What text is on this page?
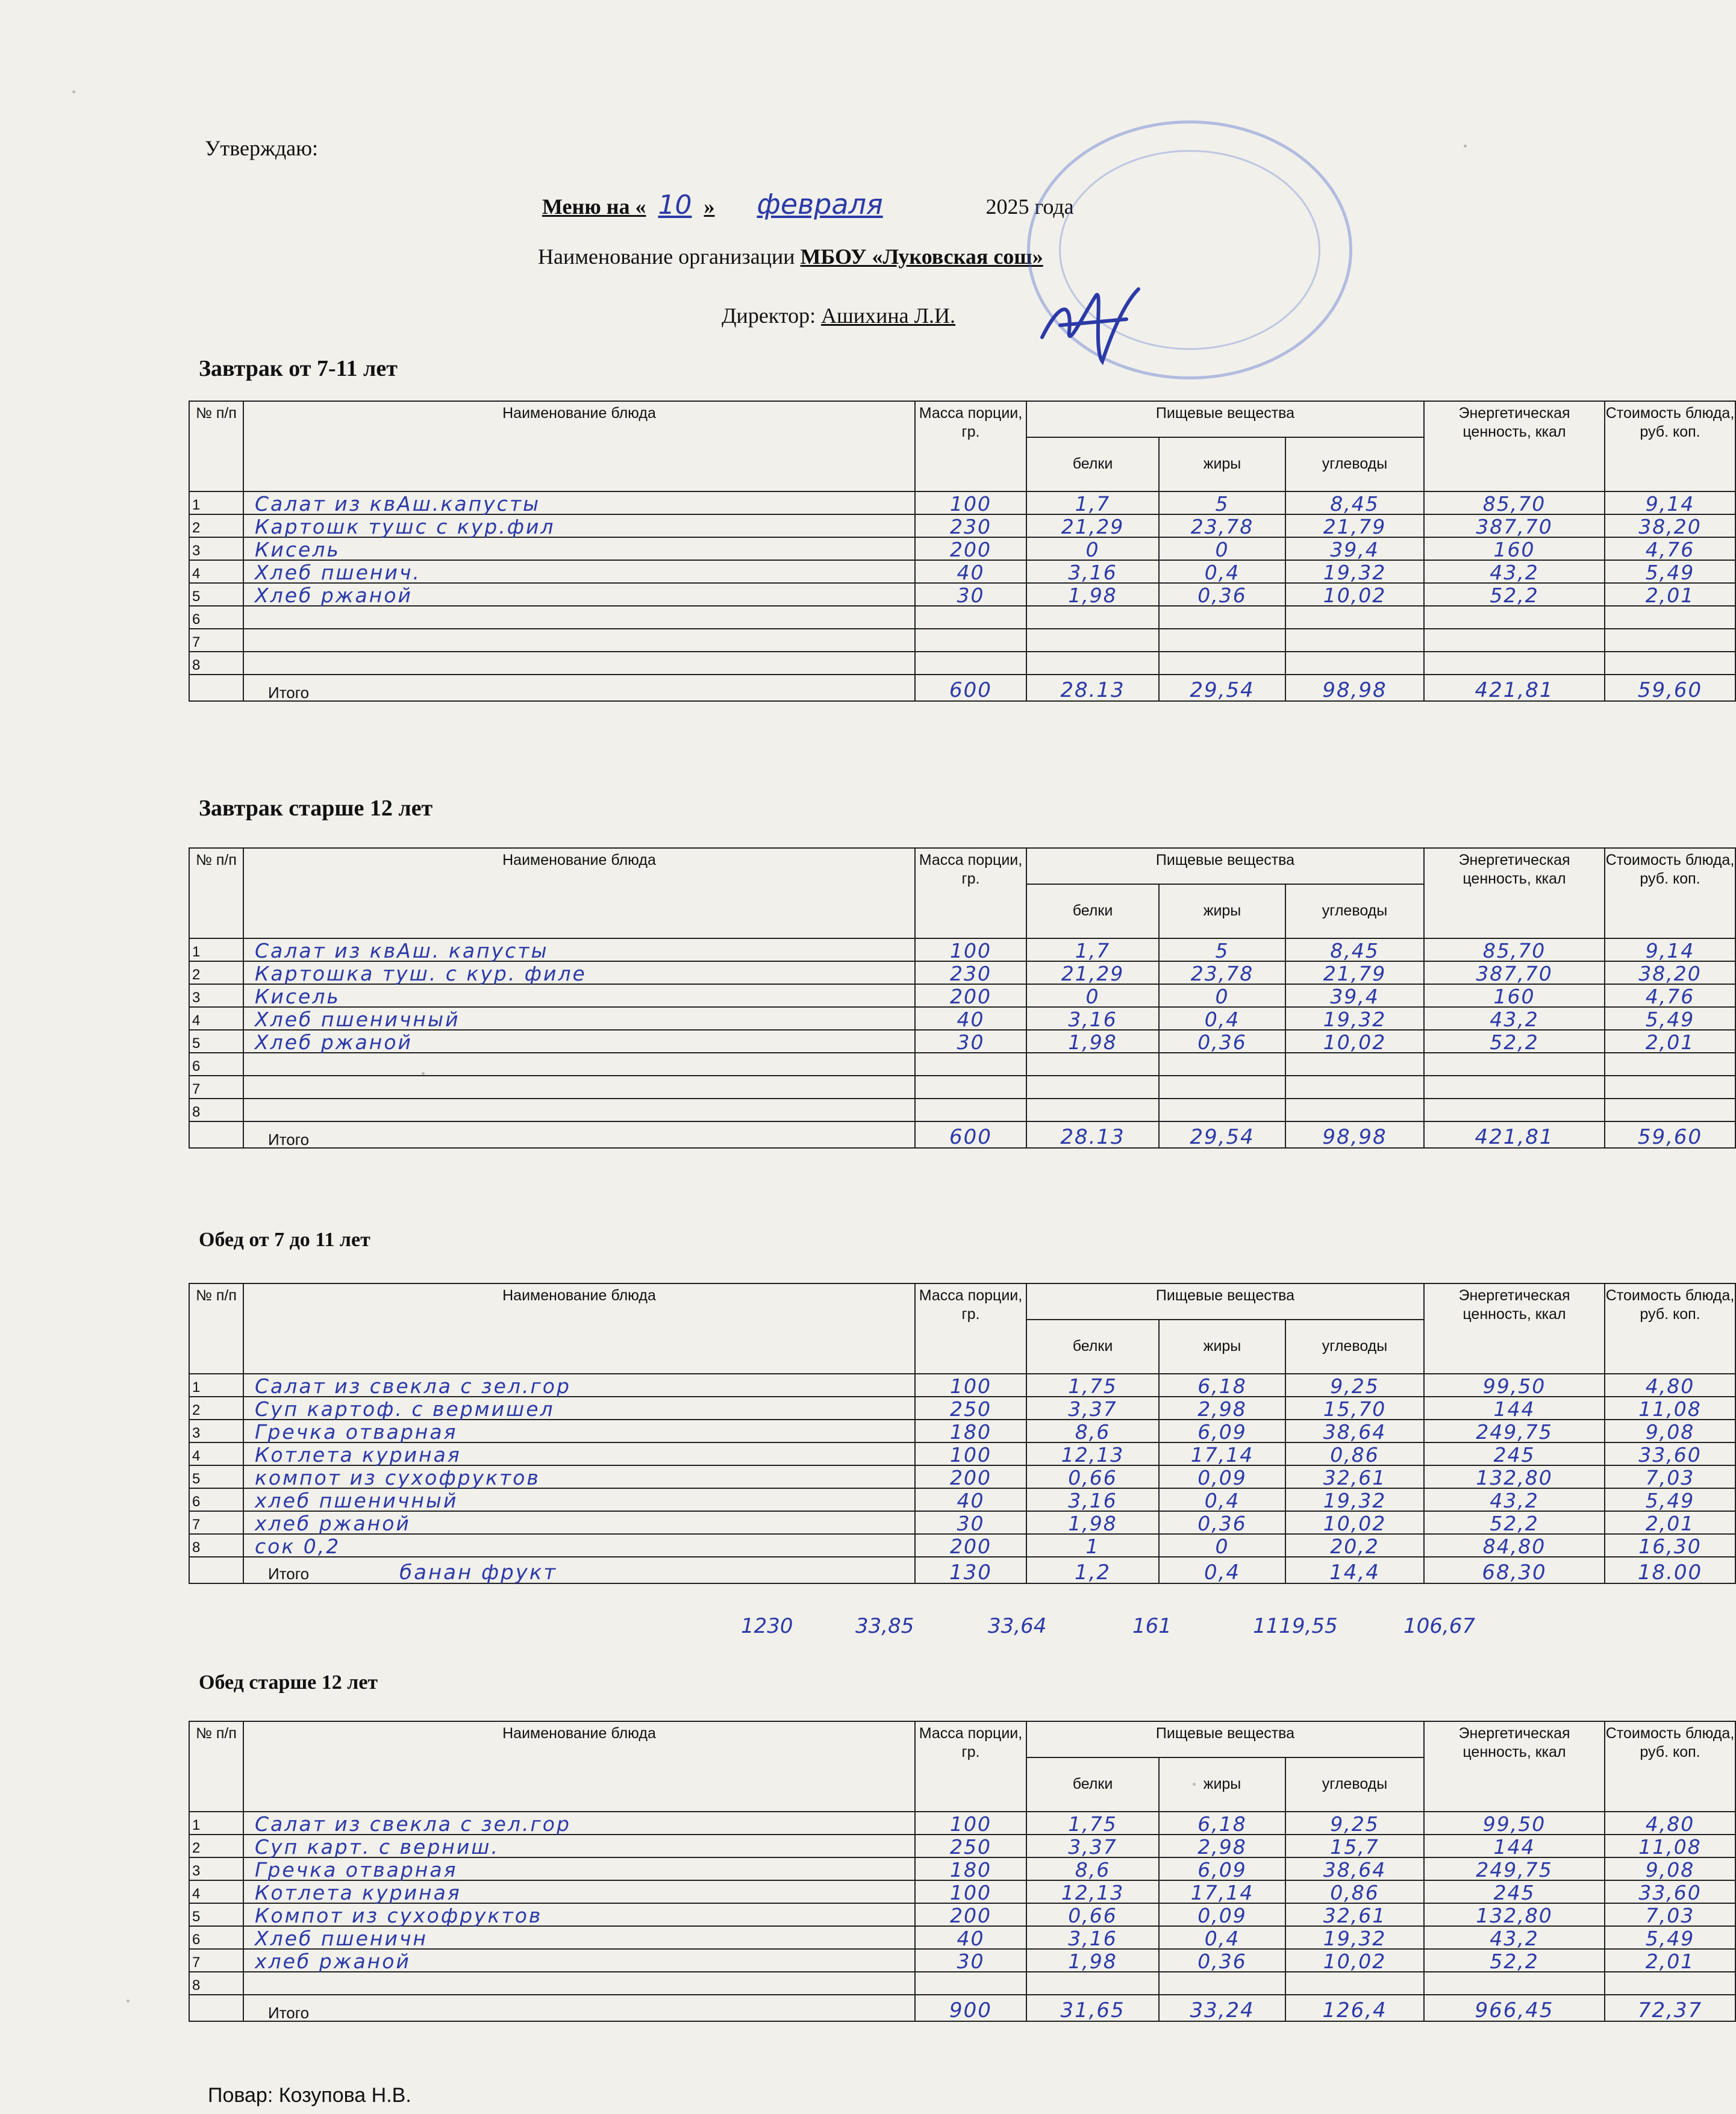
Утверждаю:
Меню на « 10 » февраля	2025 года
Наименование организации МБОУ «Луковская сош»
Директор: Ашихина Л.И.
Завтрак от 7-11 лет
Завтрак старше 12 лет
Обед от 7 до 11 лет
Обед старше 12 лет
№ п/п	Наименование блюда	Масса порции, гр.	Пищевые вещества			Энергетическая ценность, ккал	Стоимость блюда, руб. коп.
			белки	жиры	углеводы		
1	Салат из квАш.капусты	100	1,7	5	8,45	85,70	9,14
2	Картошк тушс с кур.фил	230	21,29	23,78	21,79	387,70	38,20
3	Кисель	200	0	0	39,4	160	4,76
4	Хлеб пшенич.	40	3,16	0,4	19,32	43,2	5,49
5	Хлеб ржаной	30	1,98	0,36	10,02	52,2	2,01
6							
7							
8							
	Итого	600	28.13	29,54	98,98	421,81	59,60
№ п/п	Наименование блюда	Масса порции, гр.	Пищевые вещества			Энергетическая ценность, ккал	Стоимость блюда, руб. коп.
			белки	жиры	углеводы		
1	Салат из квАш. капусты	100	1,7	5	8,45	85,70	9,14
2	Картошка туш. с кур. филе	230	21,29	23,78	21,79	387,70	38,20
3	Кисель	200	0	0	39,4	160	4,76
4	Хлеб пшеничный	40	3,16	0,4	19,32	43,2	5,49
5	Хлеб ржаной	30	1,98	0,36	10,02	52,2	2,01
6							
7							
8							
	Итого	600	28.13	29,54	98,98	421,81	59,60
№ п/п	Наименование блюда	Масса порции, гр.	Пищевые вещества			Энергетическая ценность, ккал	Стоимость блюда, руб. коп.
			белки	жиры	углеводы		
1	Салат из свекла с зел.гор	100	1,75	6,18	9,25	99,50	4,80
2	Суп картоф. с вермишел	250	3,37	2,98	15,70	144	11,08
3	Гречка отварная	180	8,6	6,09	38,64	249,75	9,08
4	Котлета куриная	100	12,13	17,14	0,86	245	33,60
5	компот из сухофруктов	200	0,66	0,09	32,61	132,80	7,03
6	хлеб пшеничный	40	3,16	0,4	19,32	43,2	5,49
7	хлеб ржаной	30	1,98	0,36	10,02	52,2	2,01
8	сок 0,2	200	1	0	20,2	84,80	16,30
	Итого банан фрукт	130	1,2	0,4	14,4	68,30	18.00
№ п/п	Наименование блюда	Масса порции, гр.	Пищевые вещества			Энергетическая ценность, ккал	Стоимость блюда, руб. коп.
			белки	жиры	углеводы		
1	Салат из свекла с зел.гор	100	1,75	6,18	9,25	99,50	4,80
2	Суп карт. с верниш.	250	3,37	2,98	15,7	144	11,08
3	Гречка отварная	180	8,6	6,09	38,64	249,75	9,08
4	Котлета куриная	100	12,13	17,14	0,86	245	33,60
5	Компот из сухофруктов	200	0,66	0,09	32,61	132,80	7,03
6	Хлеб пшеничн	40	3,16	0,4	19,32	43,2	5,49
7	хлеб ржаной	30	1,98	0,36	10,02	52,2	2,01
8							
	Итого	900	31,65	33,24	126,4	966,45	72,37
1230	33,85	33,64	161	1119,55	106,67
Повар: Козупова Н.В.
